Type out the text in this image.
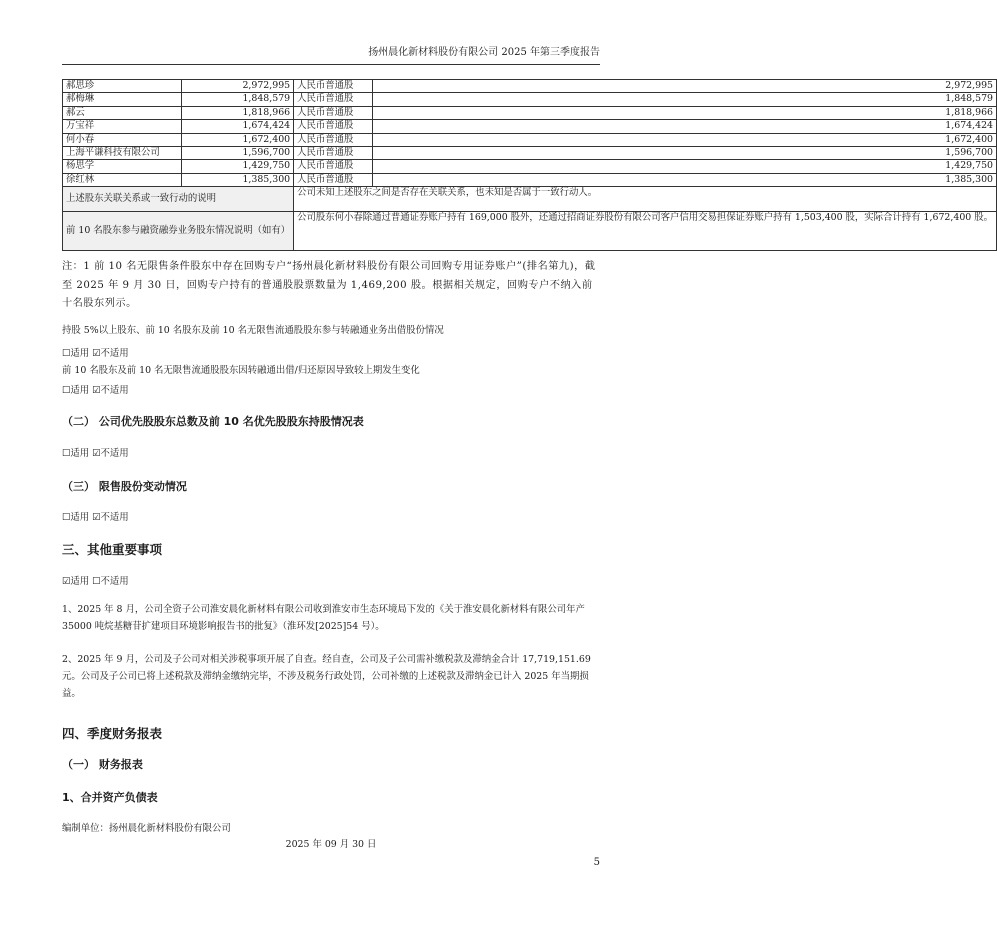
扬州晨化新材料股份有限公司 2025 年第三季度报告
郝思珍	2,972,995	人民币普通股	2,972,995
郝梅琳	1,848,579	人民币普通股	1,848,579
郝云	1,818,966	人民币普通股	1,818,966
万宝祥	1,674,424	人民币普通股	1,674,424
何小春	1,672,400	人民币普通股	1,672,400
上海平谦科技有限公司	1,596,700	人民币普通股	1,596,700
杨思学	1,429,750	人民币普通股	1,429,750
徐红林	1,385,300	人民币普通股	1,385,300
上述股东关联关系或一致行动的说明		公司未知上述股东之间是否存在关联关系，也未知是否属于一致行动人。	
前 10 名股东参与融资融券业务股东情况说明（如有）		公司股东何小春除通过普通证券账户持有 169,000 股外，还通过招商证券股份有限公司客户信用交易担保证券账户持有 1,503,400 股，实际合计持有 1,672,400 股。	
注：1 前 10 名无限售条件股东中存在回购专户“扬州晨化新材料股份有限公司回购专用证券账户”(排名第九)，截至 2025 年 9 月 30 日，回购专户持有的普通股股票数量为 1,469,200 股。根据相关规定，回购专户不纳入前十名股东列示。
持股 5%以上股东、前 10 名股东及前 10 名无限售流通股股东参与转融通业务出借股份情况
☐适用 ☑不适用
前 10 名股东及前 10 名无限售流通股股东因转融通出借/归还原因导致较上期发生变化
☐适用 ☑不适用
（二） 公司优先股股东总数及前 10 名优先股股东持股情况表
☐适用 ☑不适用
（三） 限售股份变动情况
☐适用 ☑不适用
三、其他重要事项
☑适用 ☐不适用
1、2025 年 8 月，公司全资子公司淮安晨化新材料有限公司收到淮安市生态环境局下发的《关于淮安晨化新材料有限公司年产 35000 吨烷基糖苷扩建项目环境影响报告书的批复》（淮环发[2025]54 号）。
2、2025 年 9 月，公司及子公司对相关涉税事项开展了自查。经自查，公司及子公司需补缴税款及滞纳金合计 17,719,151.69 元。公司及子公司已将上述税款及滞纳金缴纳完毕，不涉及税务行政处罚，公司补缴的上述税款及滞纳金已计入 2025 年当期损益。
四、季度财务报表
（一） 财务报表
1、合并资产负债表
编制单位：扬州晨化新材料股份有限公司
2025 年 09 月 30 日
5
